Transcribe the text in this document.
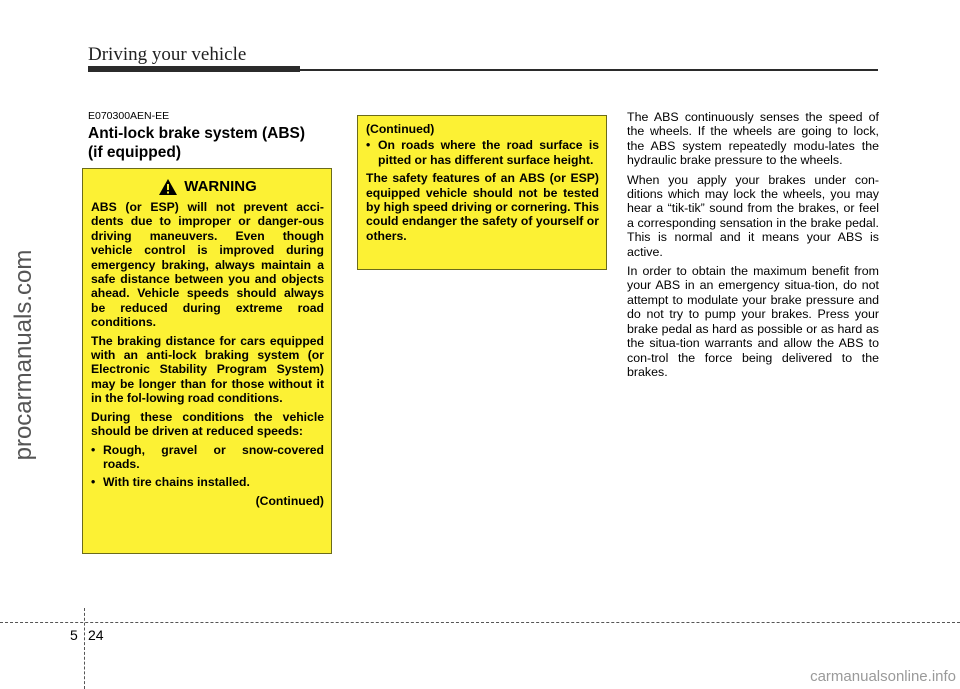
Driving your vehicle
procarmanuals.com
E070300AEN-EE
Anti-lock brake system (ABS)
(if equipped)
WARNING

ABS (or ESP) will not prevent acci-dents due to improper or danger-ous driving maneuvers. Even though vehicle control is improved during emergency braking, always maintain a safe distance between you and objects ahead. Vehicle speeds should always be reduced during extreme road conditions.

The braking distance for cars equipped with an anti-lock braking system (or Electronic Stability Program System) may be longer than for those without it in the fol-lowing road conditions.

During these conditions the vehicle should be driven at reduced speeds:

• Rough, gravel or snow-covered roads.
• With tire chains installed.

(Continued)

(Continued)

• On roads where the road surface is pitted or has different surface height.

The safety features of an ABS (or ESP) equipped vehicle should not be tested by high speed driving or cornering. This could endanger the safety of yourself or others.

The ABS continuously senses the speed of the wheels. If the wheels are going to lock, the ABS system repeatedly modu-lates the hydraulic brake pressure to the wheels.

When you apply your brakes under con-ditions which may lock the wheels, you may hear a “tik-tik” sound from the brakes, or feel a corresponding sensation in the brake pedal. This is normal and it means your ABS is active.

In order to obtain the maximum benefit from your ABS in an emergency situa-tion, do not attempt to modulate your brake pressure and do not try to pump your brakes. Press your brake pedal as hard as possible or as hard as the situa-tion warrants and allow the ABS to con-trol the force being delivered to the brakes.

5 24
carmanualsonline.info
